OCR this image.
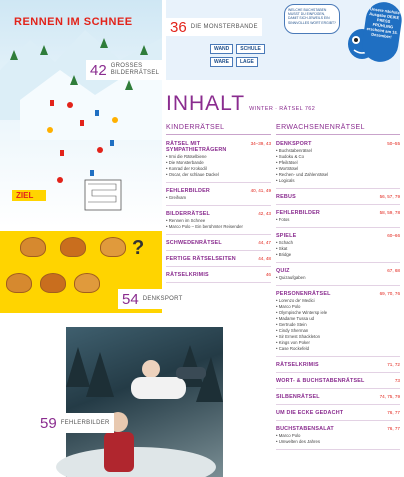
RENNEN IM SCHNEE
ZIEL
42 GROSSES BILDERRÄTSEL
?
54 DENKSPORT
59 FEHLERBILDER
36 DIE MONSTERBANDE
WAND	SCHULE
WARE	LAGE
WELCHE BUCHSTABEN MUSST DU EINFÜGEN, DAMIT SICH JEWEILS EIN SINNVOLLES WORT ERGIBT?
Unsere nächste Ausgabe DEIKE PRESS FRÜHLING erscheint am 15. Dezember!
INHALT WINTER · RÄTSEL 762
KINDERRÄTSEL
RÄTSEL MIT SYMPATHIETRÄGERN
34–39, 43
• Irmi die Rätselbiene
• Die Monsterbande
• Konrad der Krokodil
• Oscar, der schlaue Dackel
FEHLERBILDER	40, 41, 49
• Greifvam
BILDERRÄTSEL	42, 43
• Rennen im Schnee
• Marco Polo – Ein berühmter Reisender
SCHWEDENRÄTSEL	44, 47
FERTIGE RÄTSELSEITEN	44, 48
RÄTSELKRIMIS	46
ERWACHSENENRÄTSEL
DENKSPORT	50–55
• Buchstabenrätsel
• Sudoku & Co
• Pfeilrätsel
• Worträtsel
• Rechen- und Zahlenrätsel
• Logicals
REBUS	56, 57, 79
FEHLERBILDER	58, 59, 78
• Fotos
SPIELE	60–66
• Schach
• Skat
• Bridge
QUIZ	67, 68
• Quizaufgaben
PERSONENRÄTSEL	69, 70, 76
• Lorenzo de' Medici
• Marco Polo
• Olympische Wintersp iele
• Madame Tussa ud
• Gertrude Stein
• Cindy Sherman
• Sir Ernest Shackleton
• Kings von Poker
• Case Rockefeld
RÄTSELKRIMIS	71, 72
WORT- & BUCHSTABENRÄTSEL	73
SILBENRÄTSEL	74, 75, 79
UM DIE ECKE GEDACHT	76, 77
BUCHSTABENSALAT	76, 77
• Marco Polo
• Umwelten des Jahres
